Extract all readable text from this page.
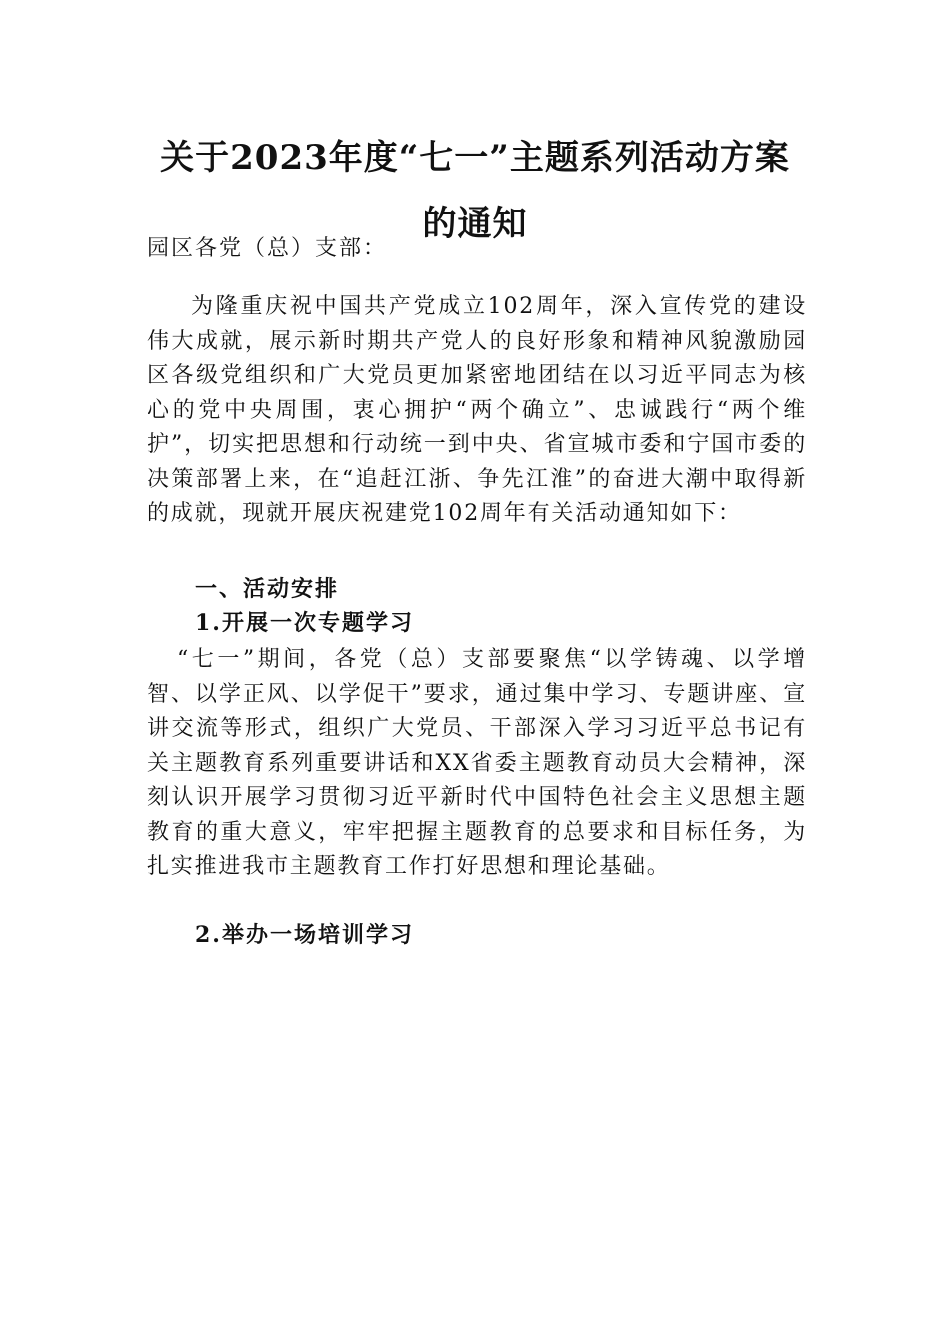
关于2023年度“七一”主题系列活动方案
的通知

园区各党（总）支部：

为隆重庆祝中国共产党成立102周年，深入宣传党的建设伟大成就，展示新时期共产党人的良好形象和精神风貌激励园区各级党组织和广大党员更加紧密地团结在以习近平同志为核心的党中央周围，衷心拥护“两个确立”、忠诚践行“两个维护”，切实把思想和行动统一到中央、省宣城市委和宁国市委的决策部署上来，在“追赶江浙、争先江淮”的奋进大潮中取得新的成就，现就开展庆祝建党102周年有关活动通知如下：

一、活动安排

1.开展一次专题学习

“七一”期间，各党（总）支部要聚焦“以学铸魂、以学增智、以学正风、以学促干”要求，通过集中学习、专题讲座、宣讲交流等形式，组织广大党员、干部深入学习习近平总书记有关主题教育系列重要讲话和XX省委主题教育动员大会精神，深刻认识开展学习贯彻习近平新时代中国特色社会主义思想主题教育的重大意义，牢牢把握主题教育的总要求和目标任务，为扎实推进我市主题教育工作打好思想和理论基础。

2.举办一场培训学习
